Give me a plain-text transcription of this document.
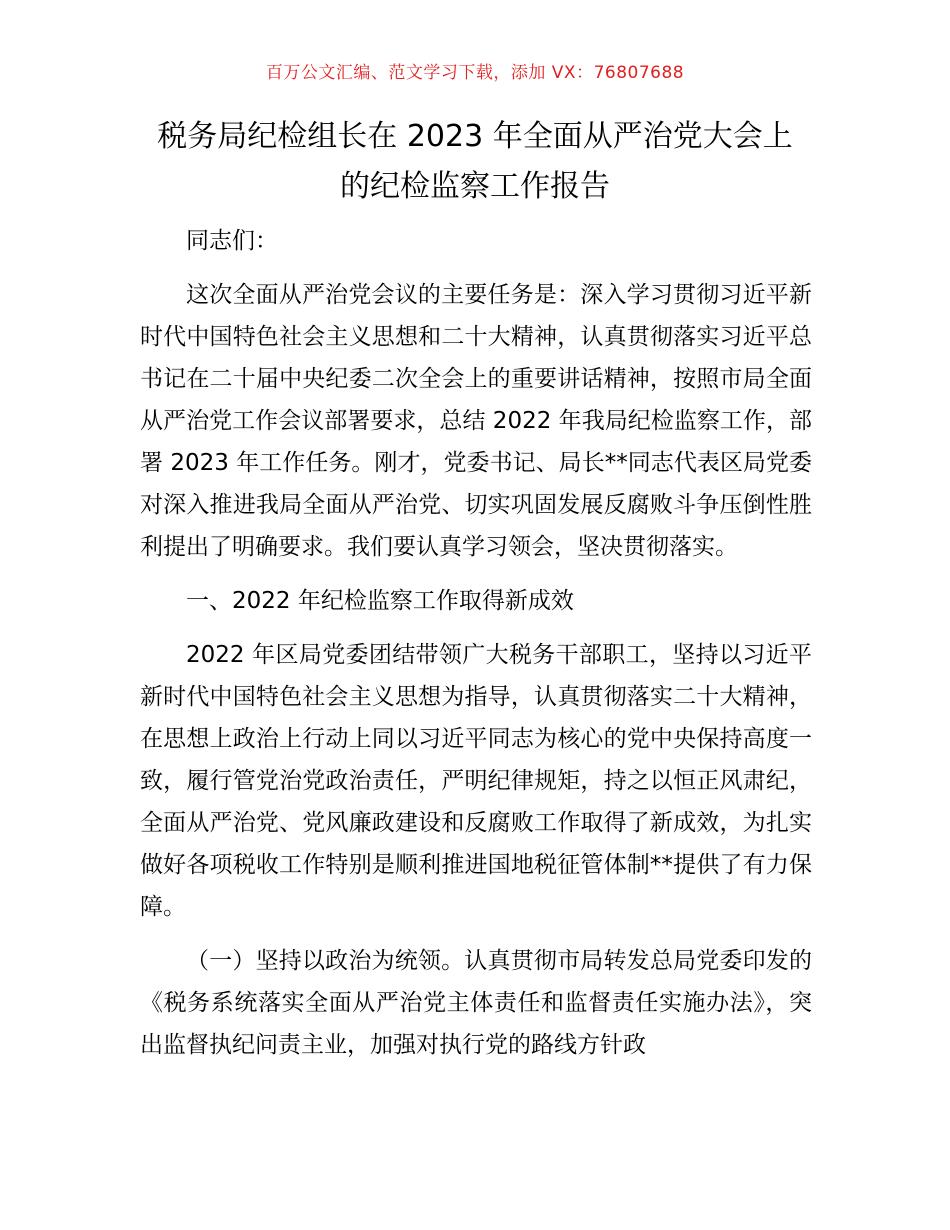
百万公文汇编、范文学习下载，添加 VX：76807688
税务局纪检组长在 2023 年全面从严治党大会上
的纪检监察工作报告

同志们：

这次全面从严治党会议的主要任务是：深入学习贯彻习近平新时代中国特色社会主义思想和二十大精神，认真贯彻落实习近平总书记在二十届中央纪委二次全会上的重要讲话精神，按照市局全面从严治党工作会议部署要求，总结 2022 年我局纪检监察工作，部署 2023 年工作任务。刚才，党委书记、局长**同志代表区局党委对深入推进我局全面从严治党、切实巩固发展反腐败斗争压倒性胜利提出了明确要求。我们要认真学习领会，坚决贯彻落实。

一、2022 年纪检监察工作取得新成效

2022 年区局党委团结带领广大税务干部职工，坚持以习近平新时代中国特色社会主义思想为指导，认真贯彻落实二十大精神，在思想上政治上行动上同以习近平同志为核心的党中央保持高度一致，履行管党治党政治责任，严明纪律规矩，持之以恒正风肃纪，全面从严治党、党风廉政建设和反腐败工作取得了新成效，为扎实做好各项税收工作特别是顺利推进国地税征管体制**提供了有力保障。

（一）坚持以政治为统领。认真贯彻市局转发总局党委印发的《税务系统落实全面从严治党主体责任和监督责任实施办法》，突出监督执纪问责主业，加强对执行党的路线方针政
